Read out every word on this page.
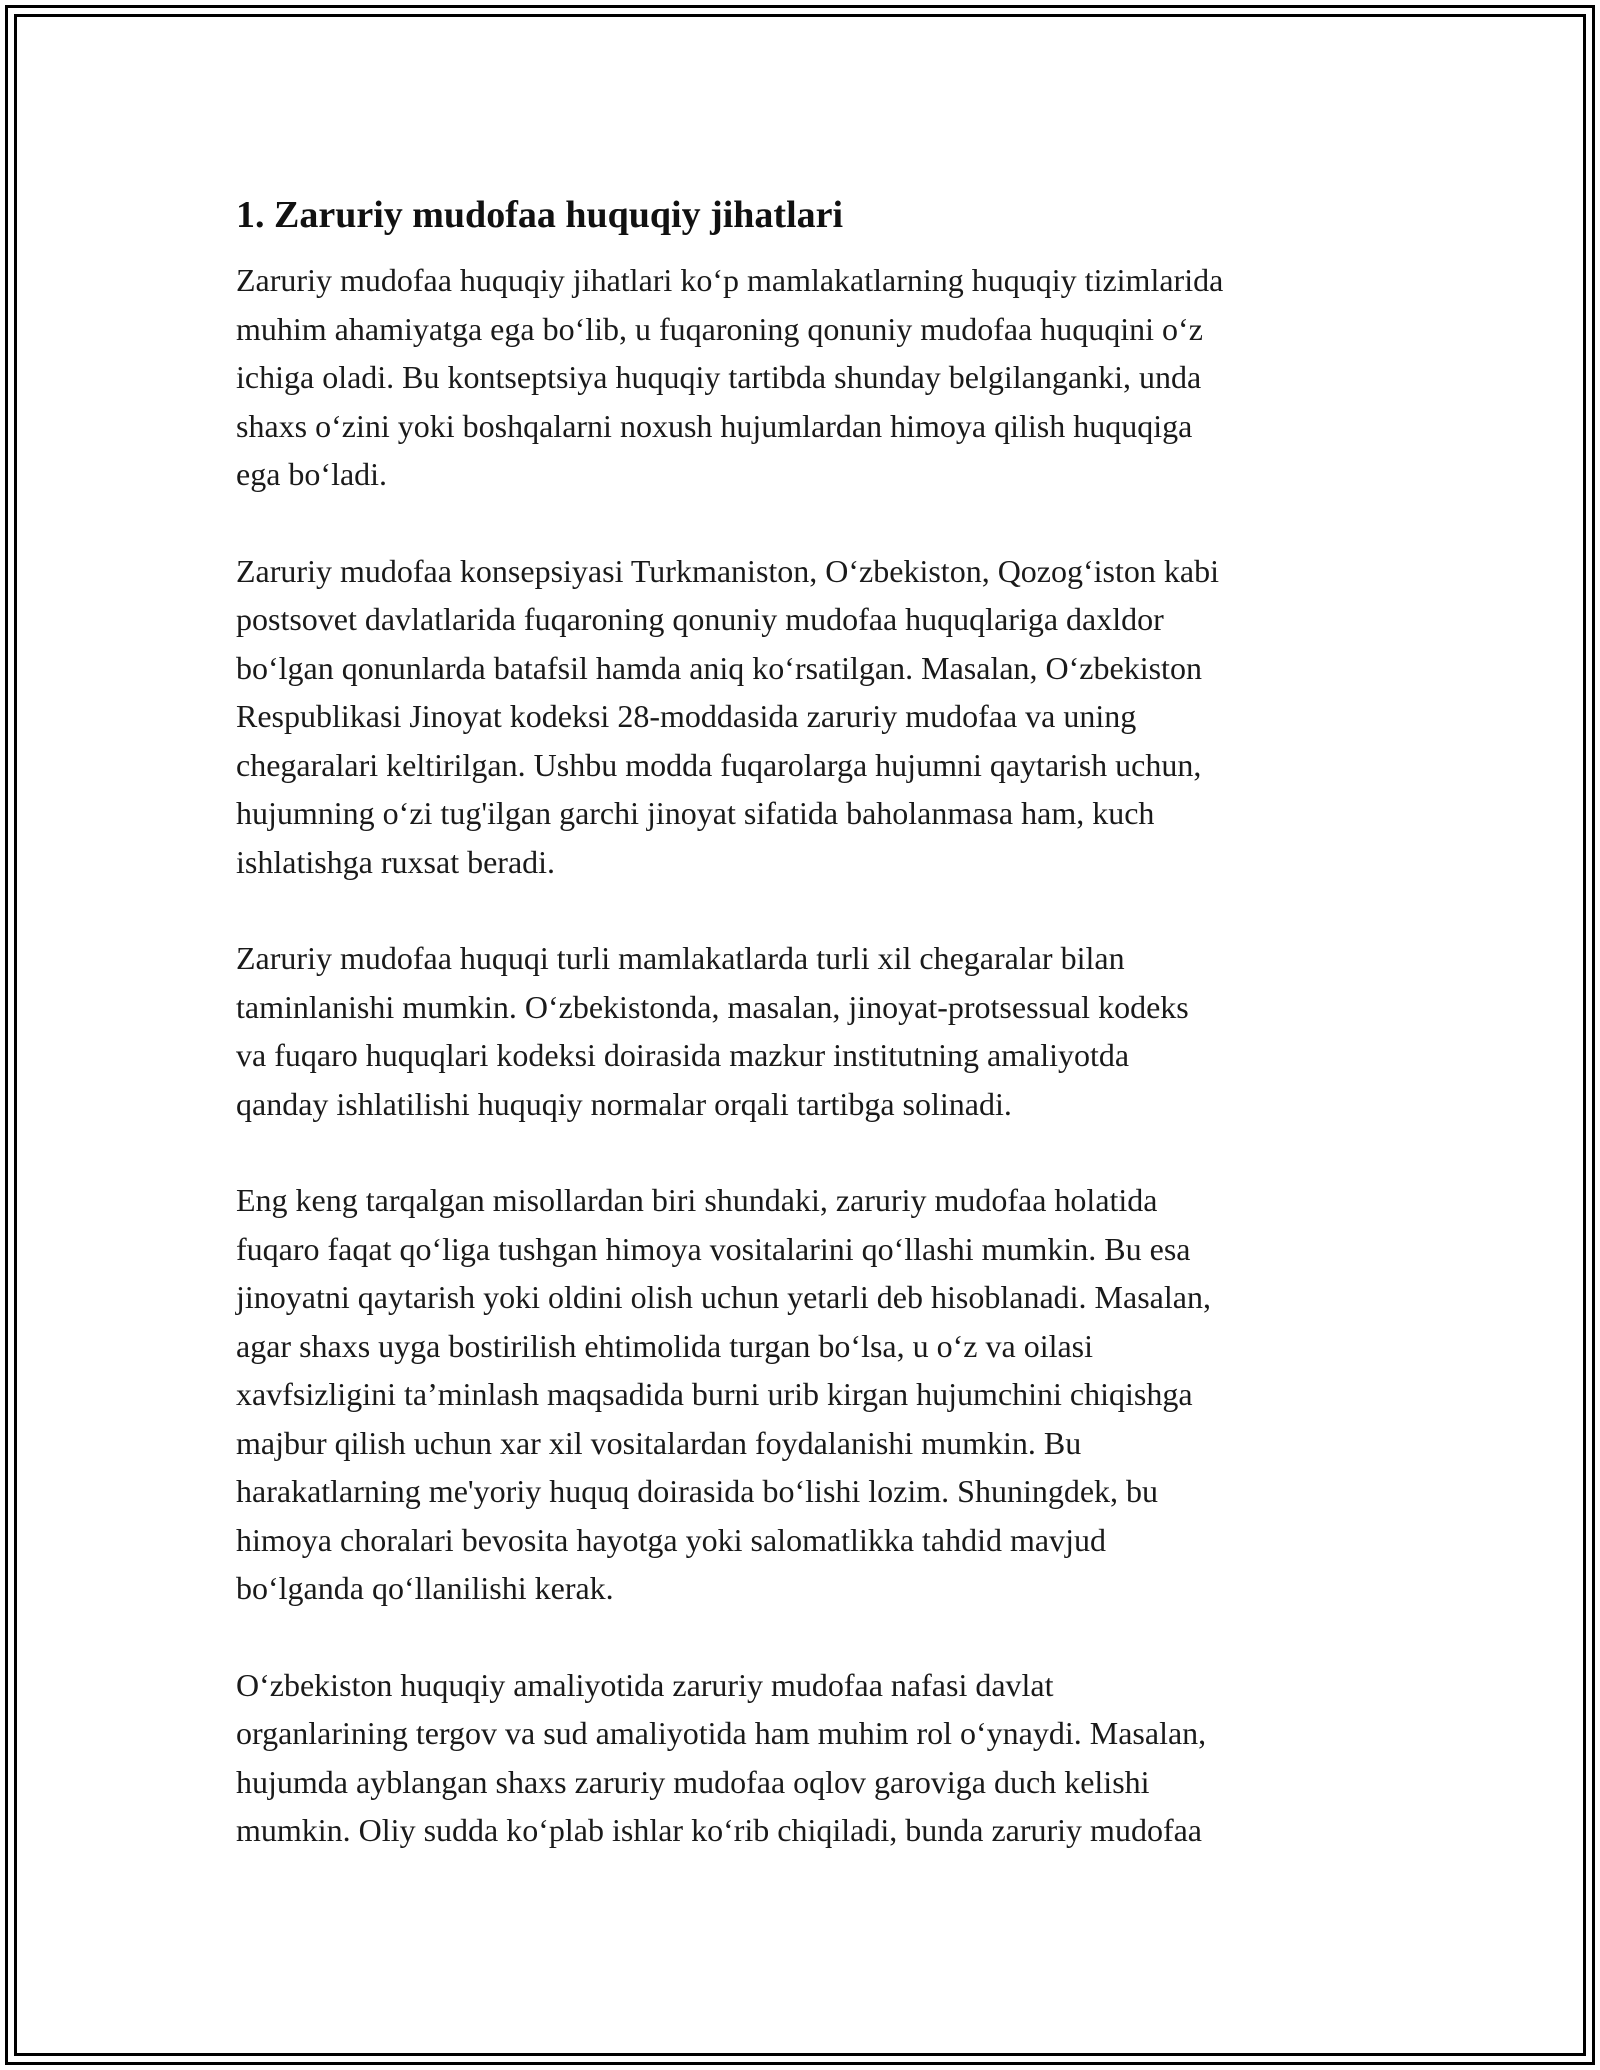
1. Zaruriy mudofaa huquqiy jihatlari

Zaruriy mudofaa huquqiy jihatlari ko‘p mamlakatlarning huquqiy tizimlarida
muhim ahamiyatga ega bo‘lib, u fuqaroning qonuniy mudofaa huquqini o‘z
ichiga oladi. Bu kontseptsiya huquqiy tartibda shunday belgilanganki, unda
shaxs o‘zini yoki boshqalarni noxush hujumlardan himoya qilish huquqiga
ega bo‘ladi.

Zaruriy mudofaa konsepsiyasi Turkmaniston, O‘zbekiston, Qozog‘iston kabi
postsovet davlatlarida fuqaroning qonuniy mudofaa huquqlariga daxldor
bo‘lgan qonunlarda batafsil hamda aniq ko‘rsatilgan. Masalan, O‘zbekiston
Respublikasi Jinoyat kodeksi 28-moddasida zaruriy mudofaa va uning
chegaralari keltirilgan. Ushbu modda fuqarolarga hujumni qaytarish uchun,
hujumning o‘zi tug'ilgan garchi jinoyat sifatida baholanmasa ham, kuch
ishlatishga ruxsat beradi.

Zaruriy mudofaa huquqi turli mamlakatlarda turli xil chegaralar bilan
taminlanishi mumkin. O‘zbekistonda, masalan, jinoyat-protsessual kodeks
va fuqaro huquqlari kodeksi doirasida mazkur institutning amaliyotda
qanday ishlatilishi huquqiy normalar orqali tartibga solinadi.

Eng keng tarqalgan misollardan biri shundaki, zaruriy mudofaa holatida
fuqaro faqat qo‘liga tushgan himoya vositalarini qo‘llashi mumkin. Bu esa
jinoyatni qaytarish yoki oldini olish uchun yetarli deb hisoblanadi. Masalan,
agar shaxs uyga bostirilish ehtimolida turgan bo‘lsa, u o‘z va oilasi
xavfsizligini ta’minlash maqsadida burni urib kirgan hujumchini chiqishga
majbur qilish uchun xar xil vositalardan foydalanishi mumkin. Bu
harakatlarning me'yoriy huquq doirasida bo‘lishi lozim. Shuningdek, bu
himoya choralari bevosita hayotga yoki salomatlikka tahdid mavjud
bo‘lganda qo‘llanilishi kerak.

O‘zbekiston huquqiy amaliyotida zaruriy mudofaa nafasi davlat
organlarining tergov va sud amaliyotida ham muhim rol o‘ynaydi. Masalan,
hujumda ayblangan shaxs zaruriy mudofaa oqlov garoviga duch kelishi
mumkin. Oliy sudda ko‘plab ishlar ko‘rib chiqiladi, bunda zaruriy mudofaa
